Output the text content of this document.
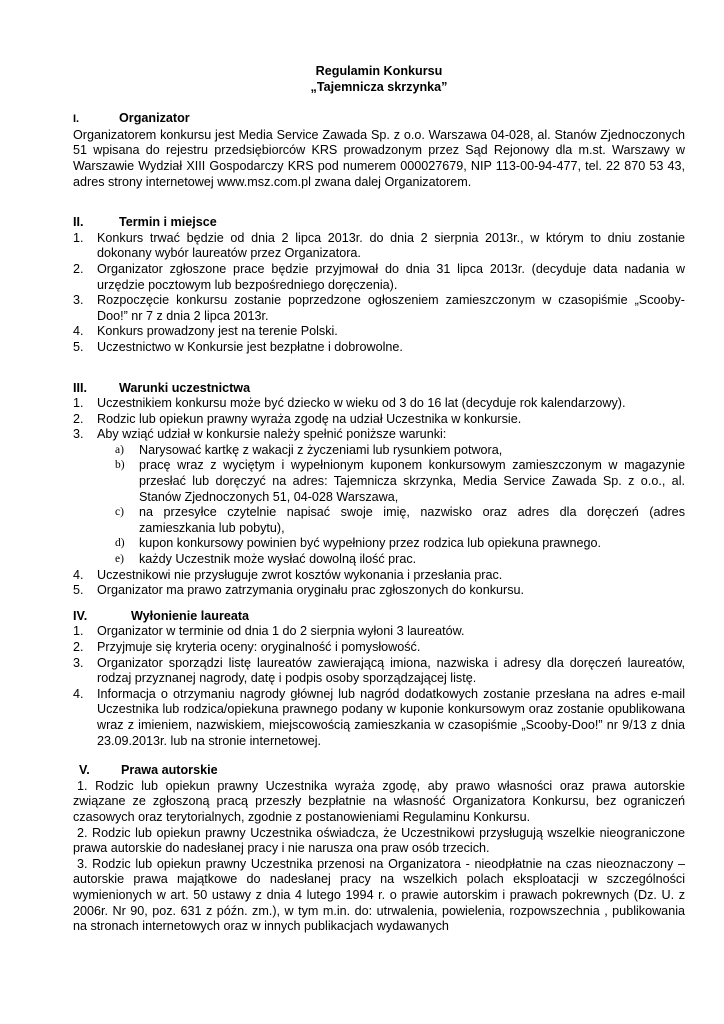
Regulamin Konkursu
„Tajemnicza skrzynka”
I.	Organizator

Organizatorem konkursu jest Media Service Zawada Sp. z o.o. Warszawa 04-028, al. Stanów Zjednoczonych 51 wpisana do rejestru przedsiębiorców KRS prowadzonym przez Sąd Rejonowy dla m.st. Warszawy w Warszawie Wydział XIII Gospodarczy KRS pod numerem 000027679, NIP 113-00-94-477, tel. 22 870 53 43, adres strony internetowej www.msz.com.pl zwana dalej Organizatorem.

II.	Termin i miejsce
1.	Konkurs trwać będzie od dnia 2 lipca 2013r. do dnia 2 sierpnia 2013r., w którym to dniu zostanie dokonany wybór laureatów przez Organizatora.
2.	Organizator zgłoszone prace będzie przyjmował do dnia 31 lipca 2013r. (decyduje data nadania w urzędzie pocztowym lub bezpośredniego doręczenia).
3.	Rozpoczęcie konkursu zostanie poprzedzone ogłoszeniem zamieszczonym w czasopiśmie „Scooby-Doo!” nr 7 z dnia 2 lipca 2013r.
4.	Konkurs prowadzony jest na terenie Polski.
5.	Uczestnictwo w Konkursie jest bezpłatne i dobrowolne.
III.	Warunki uczestnictwa
1.	Uczestnikiem konkursu może być dziecko w wieku od 3 do 16 lat (decyduje rok kalendarzowy).
2.	Rodzic lub opiekun prawny wyraża zgodę na udział Uczestnika w konkursie.
3.	Aby wziąć udział w konkursie należy spełnić poniższe warunki:
a)	Narysować kartkę z wakacji z życzeniami lub rysunkiem potwora,
b)	pracę wraz z wyciętym i wypełnionym kuponem konkursowym zamieszczonym w magazynie przesłać lub doręczyć na adres: Tajemnicza skrzynka, Media Service Zawada Sp. z o.o., al. Stanów Zjednoczonych 51, 04-028 Warszawa,
c)	na przesyłce czytelnie napisać swoje imię, nazwisko oraz adres dla doręczeń (adres zamieszkania lub pobytu),
d)	kupon konkursowy powinien być wypełniony przez rodzica lub opiekuna prawnego.
e)	każdy Uczestnik może wysłać dowolną ilość prac.
4.	Uczestnikowi nie przysługuje zwrot kosztów wykonania i przesłania prac.
5.	Organizator ma prawo zatrzymania oryginału prac zgłoszonych do konkursu.
IV.	Wyłonienie laureata
1.	Organizator w terminie od dnia 1 do 2 sierpnia wyłoni 3 laureatów.
2.	Przyjmuje się kryteria oceny: oryginalność i pomysłowość.
3.	Organizator sporządzi listę laureatów zawierającą imiona, nazwiska i adresy dla doręczeń laureatów, rodzaj przyznanej nagrody, datę i podpis osoby sporządzającej listę.
4.	Informacja o otrzymaniu nagrody głównej lub nagród dodatkowych zostanie przesłana na adres e-mail Uczestnika lub rodzica/opiekuna prawnego podany w kuponie konkursowym oraz zostanie opublikowana wraz z imieniem, nazwiskiem, miejscowością zamieszkania w czasopiśmie „Scooby-Doo!” nr 9/13 z dnia 23.09.2013r. lub na stronie internetowej.
V. Prawa autorskie

1. Rodzic lub opiekun prawny Uczestnika wyraża zgodę, aby prawo własności oraz prawa autorskie związane ze zgłoszoną pracą przeszły bezpłatnie na własność Organizatora Konkursu, bez ograniczeń czasowych oraz terytorialnych, zgodnie z postanowieniami Regulaminu Konkursu.

2. Rodzic lub opiekun prawny Uczestnika oświadcza, że Uczestnikowi przysługują wszelkie nieograniczone prawa autorskie do nadesłanej pracy i nie narusza ona praw osób trzecich.

3. Rodzic lub opiekun prawny Uczestnika przenosi na Organizatora - nieodpłatnie na czas nieoznaczony – autorskie prawa majątkowe do nadesłanej pracy na wszelkich polach eksploatacji w szczególności wymienionych w art. 50 ustawy z dnia 4 lutego 1994 r. o prawie autorskim i prawach pokrewnych (Dz. U. z 2006r. Nr 90, poz. 631 z późn. zm.), w tym m.in. do: utrwalenia, powielenia, rozpowszechnia , publikowania na stronach internetowych oraz w innych publikacjach wydawanych
